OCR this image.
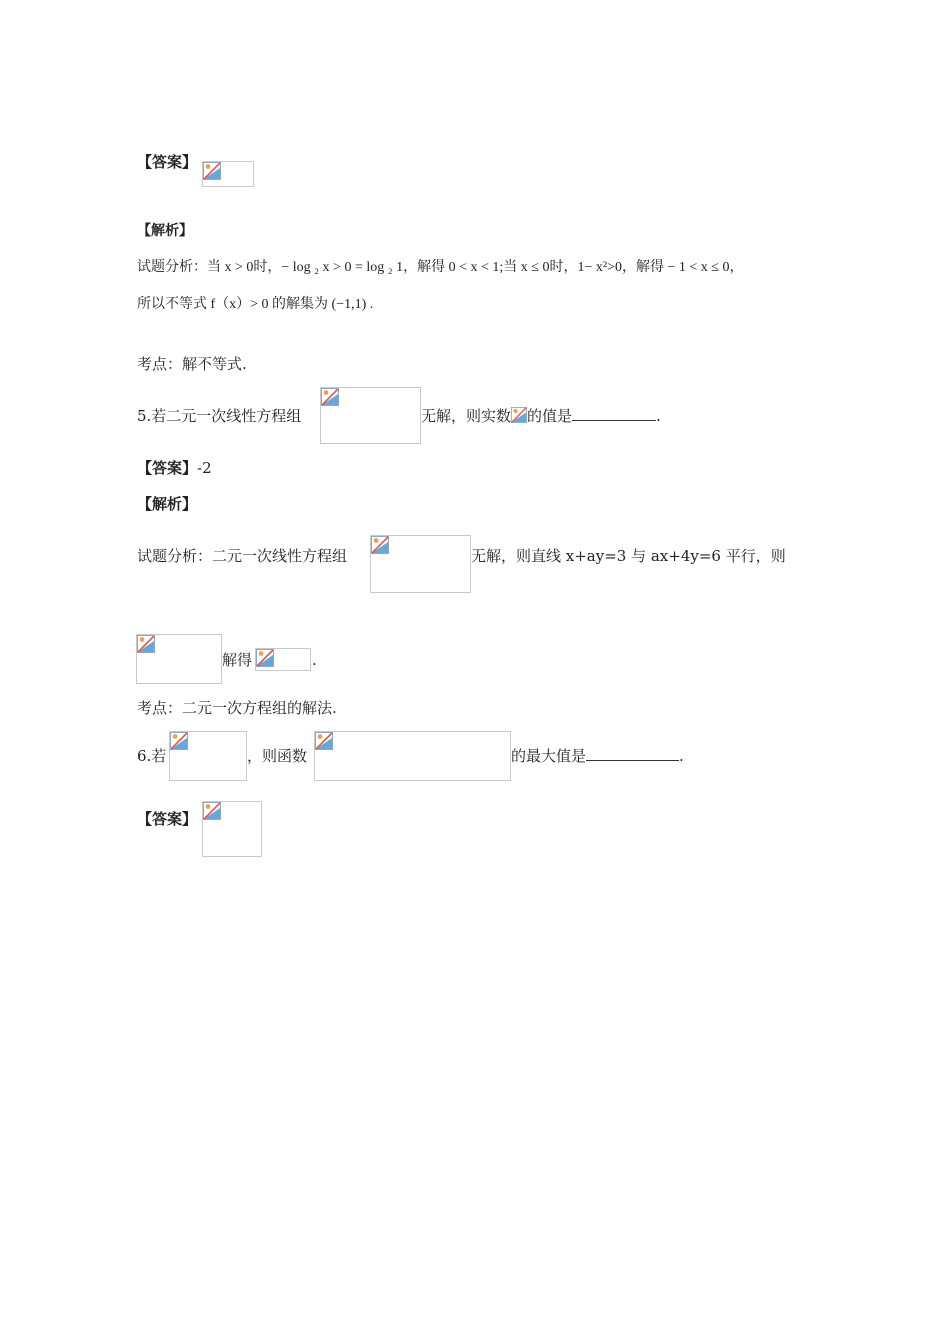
【答案】
【解析】
试题分析：当 x > 0时，− log ₂ x > 0 = log ₂ 1，解得 0 < x < 1;当 x ≤ 0时，1− x²>0，解得 − 1 < x ≤ 0，
所以不等式 f（x）> 0 的解集为 (−1,1) .
考点：解不等式.
5.若二元一次线性方程组	无解，则实数 的值是	.
【答案】-2
【解析】
试题分析：二元一次线性方程组	无解，则直线 x+ay=3 与 ax+4y=6 平行，则
解得	.
考点：二元一次方程组的解法.
6.若	，则函数	的最大值是	.
【答案】
